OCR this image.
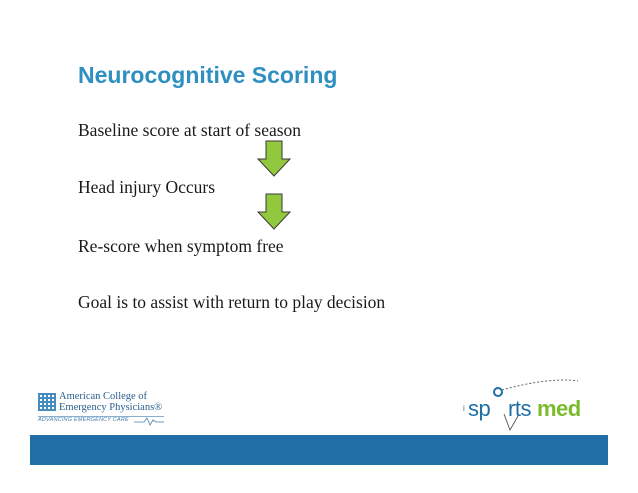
Neurocognitive Scoring

Baseline score at start of season

Head injury Occurs

Re-score when symptom free

Goal is to assist with return to play decision

American College of
Emergency Physicians®
ADVANCING EMERGENCY CARE
i sp rts med
